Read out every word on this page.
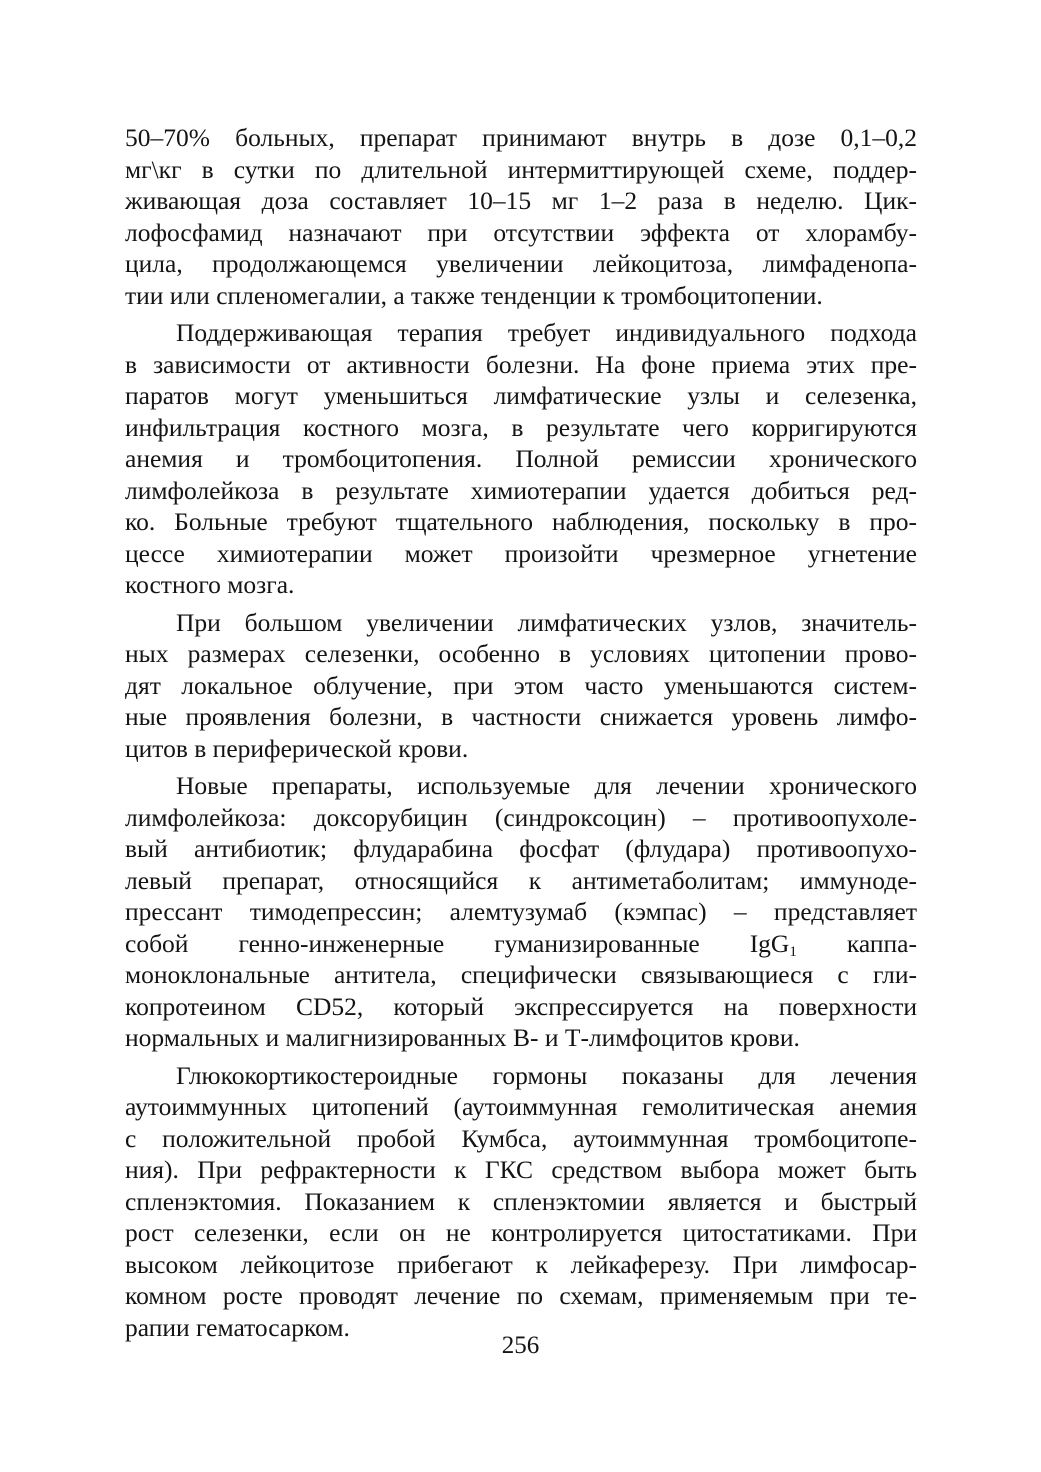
50–70% больных, препарат принимают внутрь в дозе 0,1–0,2
мг\кг в сутки по длительной интермиттирующей схеме, поддер-
живающая доза составляет 10–15 мг 1–2 раза в неделю. Цик-
лофосфамид назначают при отсутствии эффекта от хлорамбу-
цила, продолжающемся увеличении лейкоцитоза, лимфаденопа-
тии или спленомегалии, а также тенденции к тромбоцитопении.
Поддерживающая терапия требует индивидуального подхода
в зависимости от активности болезни. На фоне приема этих пре-
паратов могут уменьшиться лимфатические узлы и селезенка,
инфильтрация костного мозга, в результате чего корригируются
анемия и тромбоцитопения. Полной ремиссии хронического
лимфолейкоза в результате химиотерапии удается добиться ред-
ко. Больные требуют тщательного наблюдения, поскольку в про-
цессе химиотерапии может произойти чрезмерное угнетение
костного мозга.
При большом увеличении лимфатических узлов, значитель-
ных размерах селезенки, особенно в условиях цитопении прово-
дят локальное облучение, при этом часто уменьшаются систем-
ные проявления болезни, в частности снижается уровень лимфо-
цитов в периферической крови.
Новые препараты, используемые для лечении хронического
лимфолейкоза: доксорубицин (синдроксоцин) – противоопухоле-
вый антибиотик; флударабина фосфат (флудара) противоопухо-
левый препарат, относящийся к антиметаболитам; иммуноде-
прессант тимодепрессин; алемтузумаб (кэмпас) – представляет
собой генно-инженерные гуманизированные IgG$_1$ каппа-
моноклональные антитела, специфически связывающиеся с гли-
копротеином CD52, который экспрессируется на поверхности
нормальных и малигнизированных В- и Т-лимфоцитов крови.
Глюкокортикостероидные гормоны показаны для лечения
аутоиммунных цитопений (аутоиммунная гемолитическая анемия
с положительной пробой Кумбса, аутоиммунная тромбоцитопе-
ния). При рефрактерности к ГКС средством выбора может быть
спленэктомия. Показанием к спленэктомии является и быстрый
рост селезенки, если он не контролируется цитостатиками. При
высоком лейкоцитозе прибегают к лейкаферезу. При лимфосар-
комном росте проводят лечение по схемам, применяемым при те-
рапии гематосарком.
256
